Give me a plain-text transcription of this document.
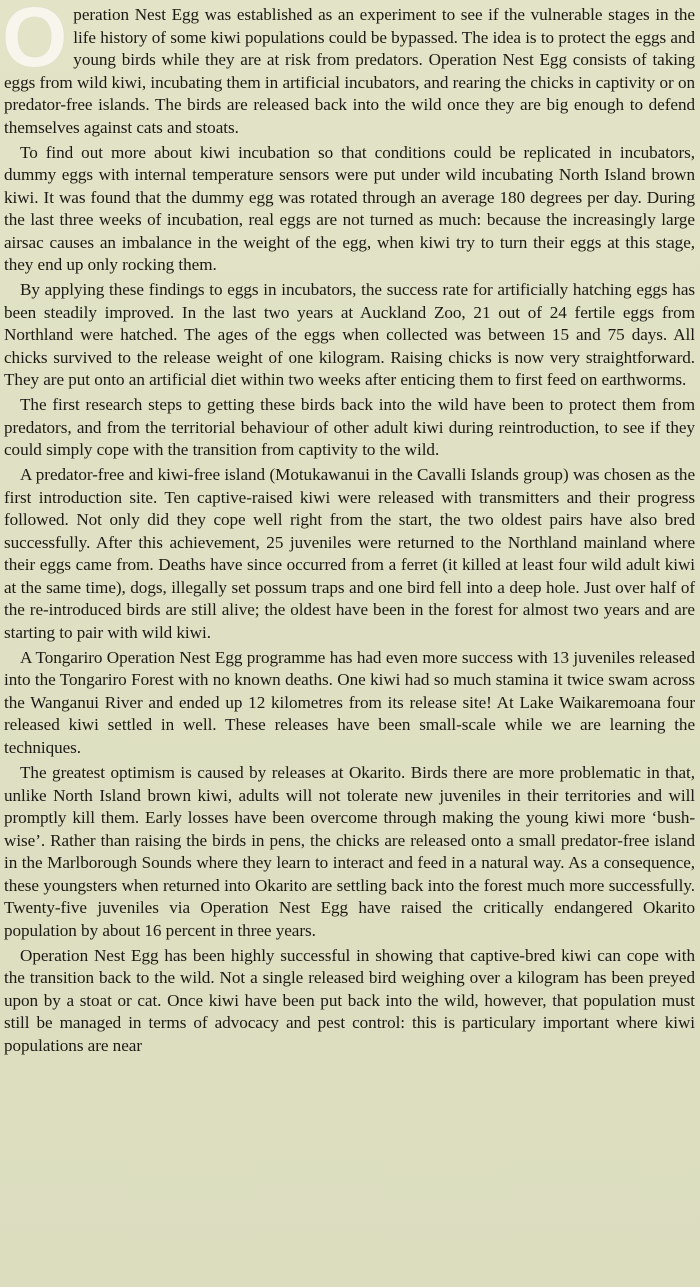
Operation Nest Egg was established as an experiment to see if the vulnerable stages in the life history of some kiwi populations could be bypassed. The idea is to protect the eggs and young birds while they are at risk from predators. Operation Nest Egg consists of taking eggs from wild kiwi, incubating them in artificial incubators, and rearing the chicks in captivity or on predator-free islands. The birds are released back into the wild once they are big enough to defend themselves against cats and stoats.

To find out more about kiwi incubation so that conditions could be replicated in incubators, dummy eggs with internal temperature sensors were put under wild incubating North Island brown kiwi. It was found that the dummy egg was rotated through an average 180 degrees per day. During the last three weeks of incubation, real eggs are not turned as much: because the increasingly large airsac causes an imbalance in the weight of the egg, when kiwi try to turn their eggs at this stage, they end up only rocking them.

By applying these findings to eggs in incubators, the success rate for artificially hatching eggs has been steadily improved. In the last two years at Auckland Zoo, 21 out of 24 fertile eggs from Northland were hatched. The ages of the eggs when collected was between 15 and 75 days. All chicks survived to the release weight of one kilogram. Raising chicks is now very straightforward. They are put onto an artificial diet within two weeks after enticing them to first feed on earthworms.

The first research steps to getting these birds back into the wild have been to protect them from predators, and from the territorial behaviour of other adult kiwi during reintroduction, to see if they could simply cope with the transition from captivity to the wild.

A predator-free and kiwi-free island (Motukawanui in the Cavalli Islands group) was chosen as the first introduction site. Ten captive-raised kiwi were released with transmitters and their progress followed. Not only did they cope well right from the start, the two oldest pairs have also bred successfully. After this achievement, 25 juveniles were returned to the Northland mainland where their eggs came from. Deaths have since occurred from a ferret (it killed at least four wild adult kiwi at the same time), dogs, illegally set possum traps and one bird fell into a deep hole. Just over half of the re-introduced birds are still alive; the oldest have been in the forest for almost two years and are starting to pair with wild kiwi.

A Tongariro Operation Nest Egg programme has had even more success with 13 juveniles released into the Tongariro Forest with no known deaths. One kiwi had so much stamina it twice swam across the Wanganui River and ended up 12 kilometres from its release site! At Lake Waikaremoana four released kiwi settled in well. These releases have been small-scale while we are learning the techniques.

The greatest optimism is caused by releases at Okarito. Birds there are more problematic in that, unlike North Island brown kiwi, adults will not tolerate new juveniles in their territories and will promptly kill them. Early losses have been overcome through making the young kiwi more ‘bush-wise’. Rather than raising the birds in pens, the chicks are released onto a small predator-free island in the Marlborough Sounds where they learn to interact and feed in a natural way. As a consequence, these youngsters when returned into Okarito are settling back into the forest much more successfully. Twenty-five juveniles via Operation Nest Egg have raised the critically endangered Okarito population by about 16 percent in three years.

Operation Nest Egg has been highly successful in showing that captive-bred kiwi can cope with the transition back to the wild. Not a single released bird weighing over a kilogram has been preyed upon by a stoat or cat. Once kiwi have been put back into the wild, however, that population must still be managed in terms of advocacy and pest control: this is particulary important where kiwi populations are near
